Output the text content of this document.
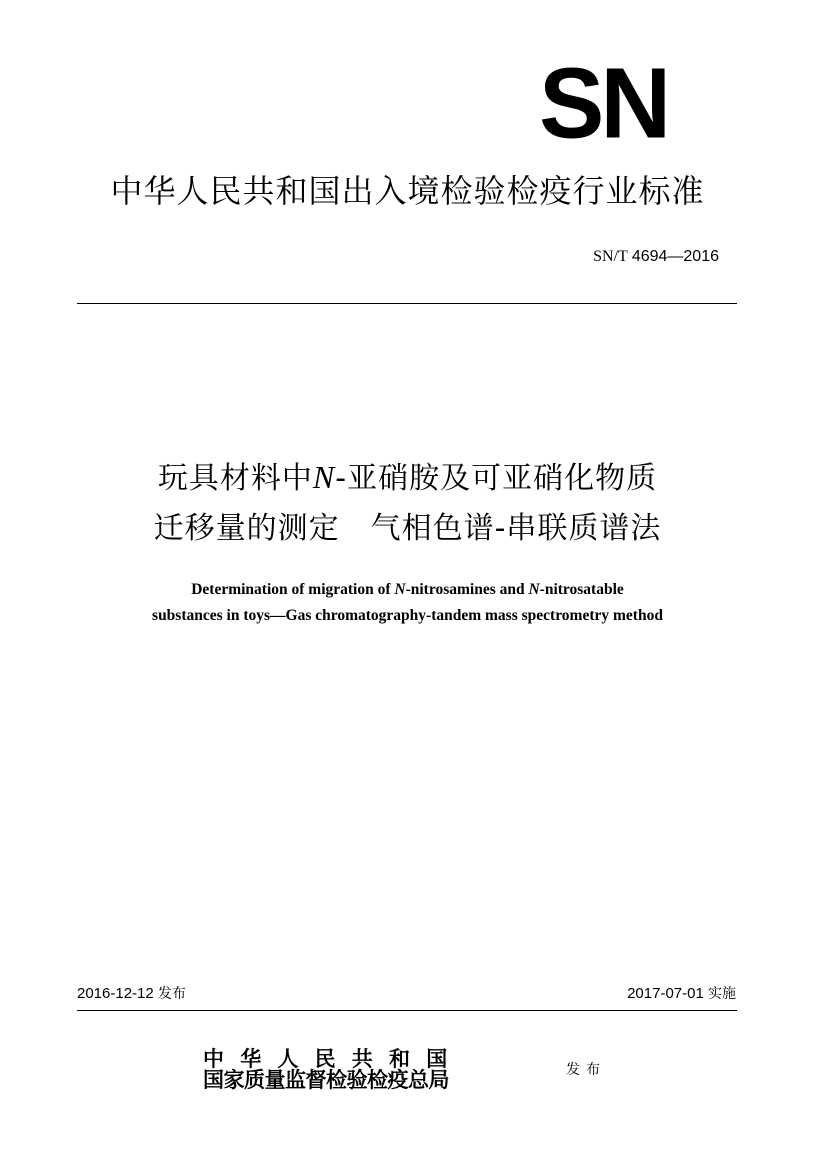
SN
中华人民共和国出入境检验检疫行业标准
SN/T 4694—2016
玩具材料中N-亚硝胺及可亚硝化物质
迁移量的测定　气相色谱-串联质谱法
Determination of migration of N-nitrosamines and N-nitrosatable
substances in toys—Gas chromatography-tandem mass spectrometry method
2016-12-12 发布	2017-07-01 实施
中华人民共和国
国家质量监督检验检疫总局	发布
